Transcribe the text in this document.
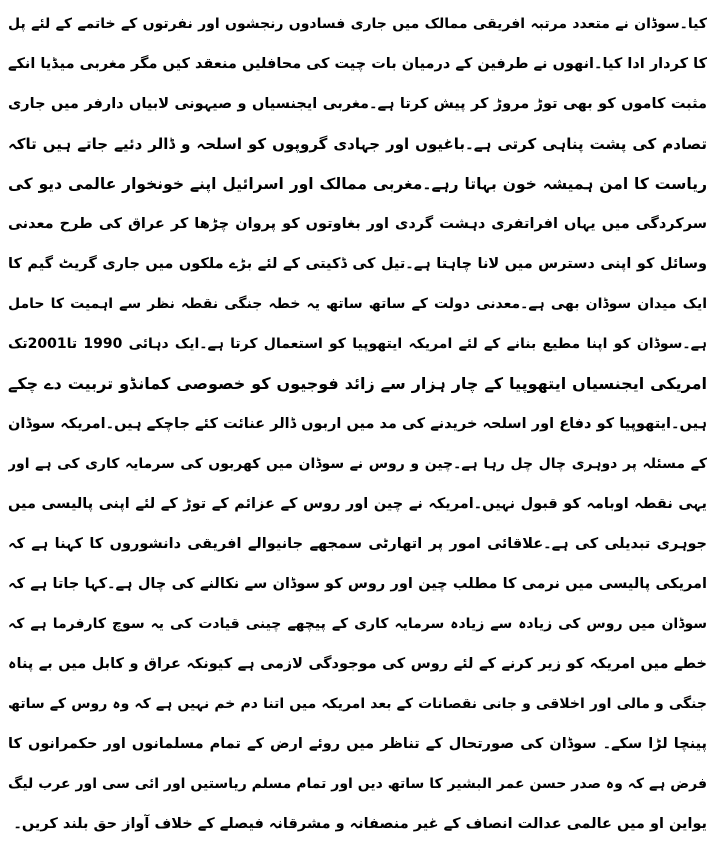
کیا۔سوڈان نے متعدد مرتبہ افریقی ممالک میں جاری فسادوں رنجشوں اور نفرتوں کے خاتمے کے لئے پل
کا کردار ادا کیا۔انھوں نے طرفین کے درمیان بات چیت کی محافلیں منعقد کیں مگر مغربی میڈیا انکے
مثبت کاموں کو بھی توڑ مروڑ کر پیش کرتا ہے۔مغربی ایجنسیاں و صیہونی لابیاں دارفر میں جاری
تصادم کی پشت پناہی کرتی ہے۔باغیوں اور جہادی گروپوں کو اسلحہ و ڈالر دئیے جاتے ہیں تاکہ
ریاست کا امن ہمیشہ خون بہاتا رہے۔مغربی ممالک اور اسرائیل اپنے خونخوار عالمی دیو کی
سرکردگی میں یہاں افراتفری دہشت گردی اور بغاوتوں کو پروان چڑھا کر عراق کی طرح معدنی
وسائل کو اپنی دسترس میں لانا چاہتا ہے۔تیل کی ڈکیتی کے لئے بڑے ملکوں میں جاری گریٹ گیم کا
ایک میدان سوڈان بھی ہے۔معدنی دولت کے ساتھ ساتھ یہ خطہ جنگی نقطہ نظر سے اہمیت کا حامل
ہے۔سوڈان کو اپنا مطیع بنانے کے لئے امریکہ ایتھوپیا کو استعمال کرتا ہے۔ایک دہائی 1990 تا2001تک
امریکی ایجنسیاں ایتھوپیا کے چار ہزار سے زائد فوجیوں کو خصوصی کمانڈو تربیت دے چکے
ہیں۔ایتھوپیا کو دفاع اور اسلحہ خریدنے کی مد میں اربوں ڈالر عنائت کئے جاچکے ہیں۔امریکہ سوڈان
کے مسئلہ پر دوہری چال چل رہا ہے۔چین و روس نے سوڈان میں کھربوں کی سرمایہ کاری کی ہے اور
یہی نقطہ اوبامہ کو قبول نہیں۔امریکہ نے چین اور روس کے عزائم کے توڑ کے لئے اپنی پالیسی میں
جوہری تبدیلی کی ہے۔علاقائی امور پر اتھارٹی سمجھے جانیوالے افریقی دانشوروں کا کہنا ہے کہ
امریکی پالیسی میں نرمی کا مطلب چین اور روس کو سوڈان سے نکالنے کی چال ہے۔کہا جاتا ہے کہ
سوڈان میں روس کی زیادہ سے زیادہ سرمایہ کاری کے پیچھے چینی قیادت کی یہ سوچ کارفرما ہے کہ
خطے میں امریکہ کو زیر کرنے کے لئے روس کی موجودگی لازمی ہے کیونکہ عراق و کابل میں بے پناہ
جنگی و مالی اور اخلاقی و جانی نقصانات کے بعد امریکہ میں اتنا دم خم نہیں ہے کہ وہ روس کے ساتھ
پینچا لڑا سکے۔ سوڈان کی صورتحال کے تناظر میں روئے ارض کے تمام مسلمانوں اور حکمرانوں کا
فرض ہے کہ وہ صدر حسن عمر البشیر کا ساتھ دیں اور تمام مسلم ریاستیں اور ائی سی اور عرب لیگ
یواین او میں عالمی عدالت انصاف کے غیر منصفانہ و مشرقانہ فیصلے کے خلاف آواز حق بلند کریں۔
